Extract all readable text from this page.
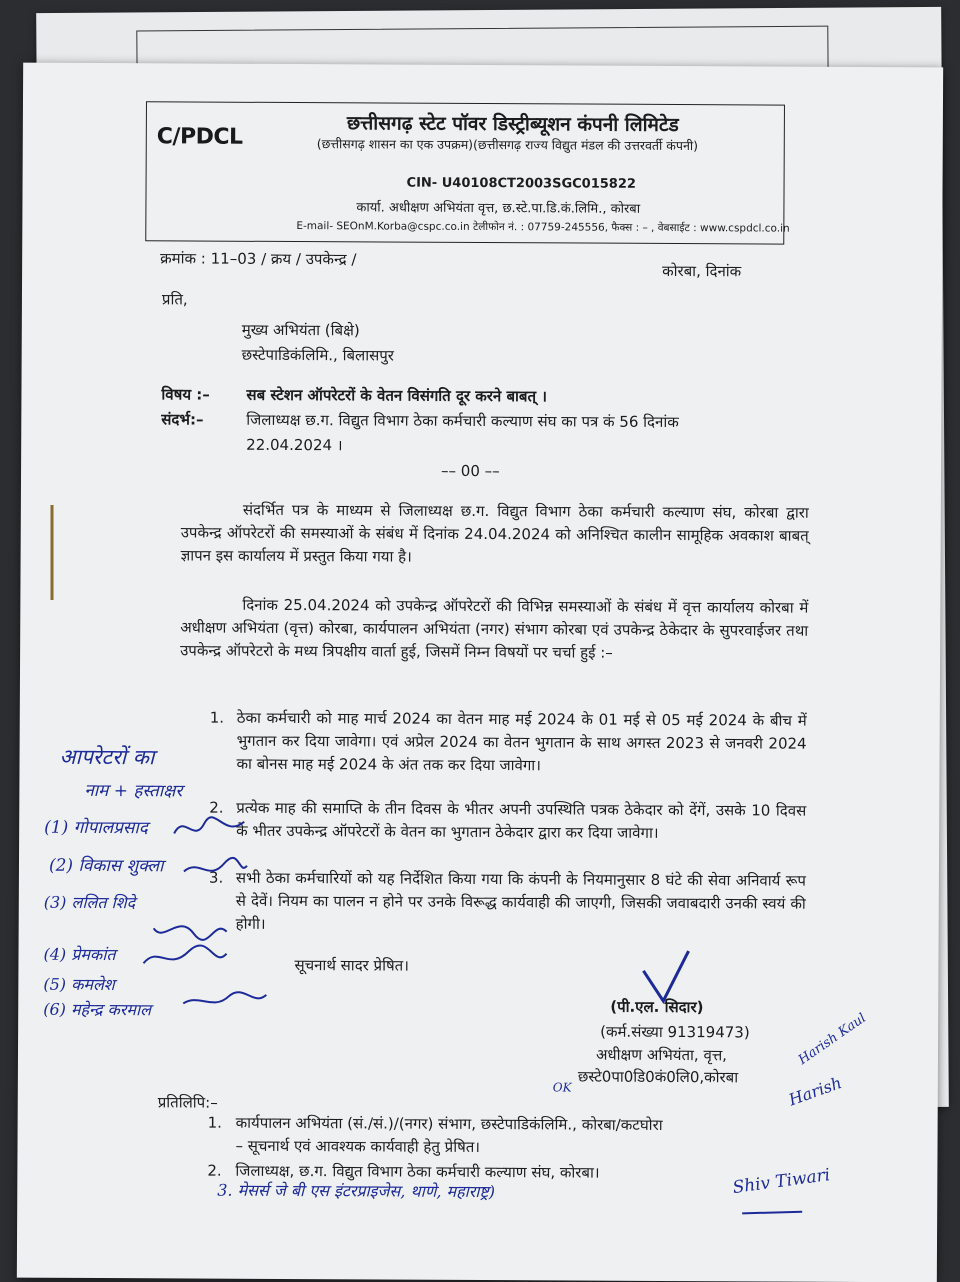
C/PDCL
छत्तीसगढ़ स्टेट पॉवर डिस्ट्रीब्यूशन कंपनी लिमिटेड
(छत्तीसगढ़ शासन का एक उपक्रम)(छत्तीसगढ़ राज्य विद्युत मंडल की उत्तरवर्ती कंपनी)
CIN- U40108CT2003SGC015822
कार्या. अधीक्षण अभियंता वृत्त, छ.स्टे.पा.डि.कं.लिमि., कोरबा
E-mail- SEOnM.Korba@cspc.co.in टेलीफोन नं. : 07759-245556, फैक्स : – , वेबसाईट : www.cspdcl.co.in
क्रमांक : 11–03 / क्रय / उपकेन्द्र /
कोरबा, दिनांक
प्रति,
मुख्य अभियंता (बिक्षे)
छस्टेपाडिकंलिमि., बिलासपुर
विषय :– सब स्टेशन ऑपरेटरों के वेतन विसंगति दूर करने बाबत् ।
संदर्भ:–	जिलाध्यक्ष छ.ग. विद्युत विभाग ठेका कर्मचारी कल्याण संघ का पत्र कं 56 दिनांक
22.04.2024 ।
–– 00 ––
संदर्भित पत्र के माध्यम से जिलाध्यक्ष छ.ग. विद्युत विभाग ठेका कर्मचारी कल्याण संघ, कोरबा द्वारा उपकेन्द्र ऑपरेटरों की समस्याओं के संबंध में दिनांक 24.04.2024 को अनिश्चित कालीन सामूहिक अवकाश बाबत् ज्ञापन इस कार्यालय में प्रस्तुत किया गया है।
दिनांक 25.04.2024 को उपकेन्द्र ऑपरेटरों की विभिन्न समस्याओं के संबंध में वृत्त कार्यालय कोरबा में अधीक्षण अभियंता (वृत्त) कोरबा, कार्यपालन अभियंता (नगर) संभाग कोरबा एवं उपकेन्द्र ठेकेदार के सुपरवाईजर तथा उपकेन्द्र ऑपरेटरो के मध्य त्रिपक्षीय वार्ता हुई, जिसमें निम्न विषयों पर चर्चा हुई :–
1. ठेका कर्मचारी को माह मार्च 2024 का वेतन माह मई 2024 के 01 मई से 05 मई 2024 के बीच में भुगतान कर दिया जावेगा। एवं अप्रेल 2024 का वेतन भुगतान के साथ अगस्त 2023 से जनवरी 2024 का बोनस माह मई 2024 के अंत तक कर दिया जावेगा।
2. प्रत्येक माह की समाप्ति के तीन दिवस के भीतर अपनी उपस्थिति पत्रक ठेकेदार को देंगें, उसके 10 दिवस के भीतर उपकेन्द्र ऑपरेटरों के वेतन का भुगतान ठेकेदार द्वारा कर दिया जावेगा।
3. सभी ठेका कर्मचारियों को यह निर्देशित किया गया कि कंपनी के नियमानुसार 8 घंटे की सेवा अनिवार्य रूप से देवें। नियम का पालन न होने पर उनके विरूद्ध कार्यवाही की जाएगी, जिसकी जवाबदारी उनकी स्वयं की होगी।
सूचनार्थ सादर प्रेषित।
(पी.एल. सिदार)
(कर्म.संख्या 91319473)
अधीक्षण अभियंता, वृत्त,
छस्टे0पा0डि0कं0लि0,कोरबा
प्रतिलिपि:–
1. कार्यपालन अभियंता (सं./सं.)/(नगर) संभाग, छस्टेपाडिकंलिमि., कोरबा/कटघोरा
– सूचनार्थ एवं आवश्यक कार्यवाही हेतु प्रेषित।
2. जिलाध्यक्ष, छ.ग. विद्युत विभाग ठेका कर्मचारी कल्याण संघ, कोरबा।
आपरेटरों का
नाम + हस्ताक्षर
(1) गोपालप्रसाद
(2) विकास शुक्ला
(3) ललित शिदे
(4) प्रेमकांत
(5) कमलेश
(6) महेन्द्र करमाल
3. मेसर्स जे बी एस इंटरप्राइजेस, थाणे, महाराष्ट्र)
OK
Harish Kaul
Harish
Shiv Tiwari
